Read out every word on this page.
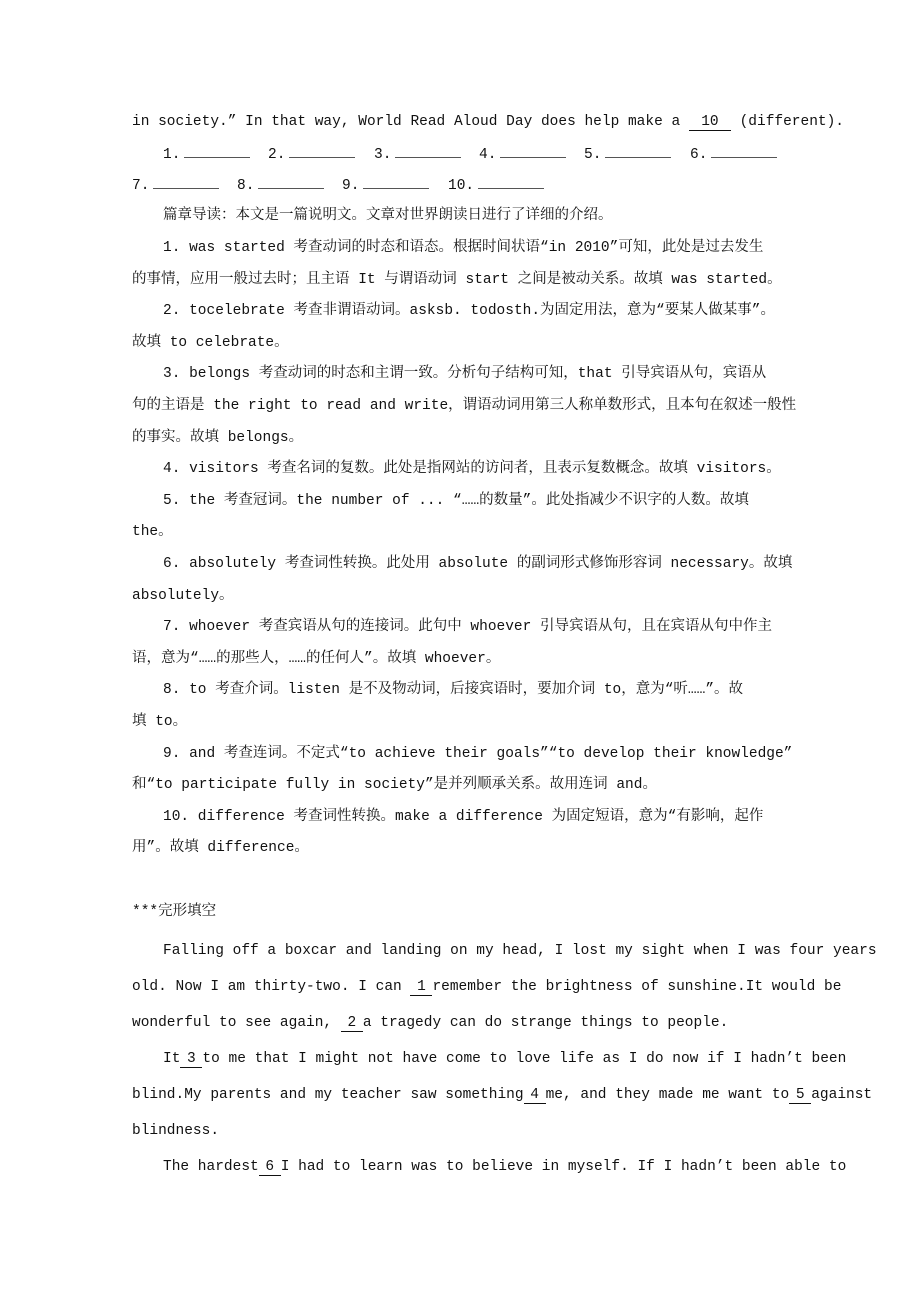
in society.” In that way, World Read Aloud Day does help make a 10 (different).
1.	2.	3.	4.	5.	6.
7.	8.	9.	10.
篇章导读：本文是一篇说明文。文章对世界朗读日进行了详细的介绍。
1. was started 考查动词的时态和语态。根据时间状语“in 2010”可知，此处是过去发生
的事情，应用一般过去时；且主语 It 与谓语动词 start 之间是被动关系。故填 was started。
2. tocelebrate 考查非谓语动词。asksb. todosth.为固定用法，意为“要某人做某事”。
故填 to celebrate。
3. belongs 考查动词的时态和主谓一致。分析句子结构可知，that 引导宾语从句，宾语从
句的主语是 the right to read and write，谓语动词用第三人称单数形式，且本句在叙述一般性
的事实。故填 belongs。
4. visitors 考查名词的复数。此处是指网站的访问者，且表示复数概念。故填 visitors。
5. the 考查冠词。the number of ... “……的数量”。此处指减少不识字的人数。故填
the。
6. absolutely 考查词性转换。此处用 absolute 的副词形式修饰形容词 necessary。故填
absolutely。
7. whoever 考查宾语从句的连接词。此句中 whoever 引导宾语从句，且在宾语从句中作主
语，意为“……的那些人，……的任何人”。故填 whoever。
8. to 考查介词。listen 是不及物动词，后接宾语时，要加介词 to，意为“听……”。故
填 to。
9. and 考查连词。不定式“to achieve their goals”“to develop their knowledge”
和“to participate fully in society”是并列顺承关系。故用连词 and。
10. difference 考查词性转换。make a difference 为固定短语，意为“有影响，起作
用”。故填 difference。
***完形填空
Falling off a boxcar and landing on my head, I lost my sight when I was four years
old. Now I am thirty-two. I can 1 remember the brightness of sunshine.It would be
wonderful to see again, 2 a tragedy can do strange things to people.
It 3 to me that I might not have come to love life as I do now if I hadn’t been
blind.My parents and my teacher saw something 4 me, and they made me want to 5 against
blindness.
The hardest 6 I had to learn was to believe in myself. If I hadn’t been able to
